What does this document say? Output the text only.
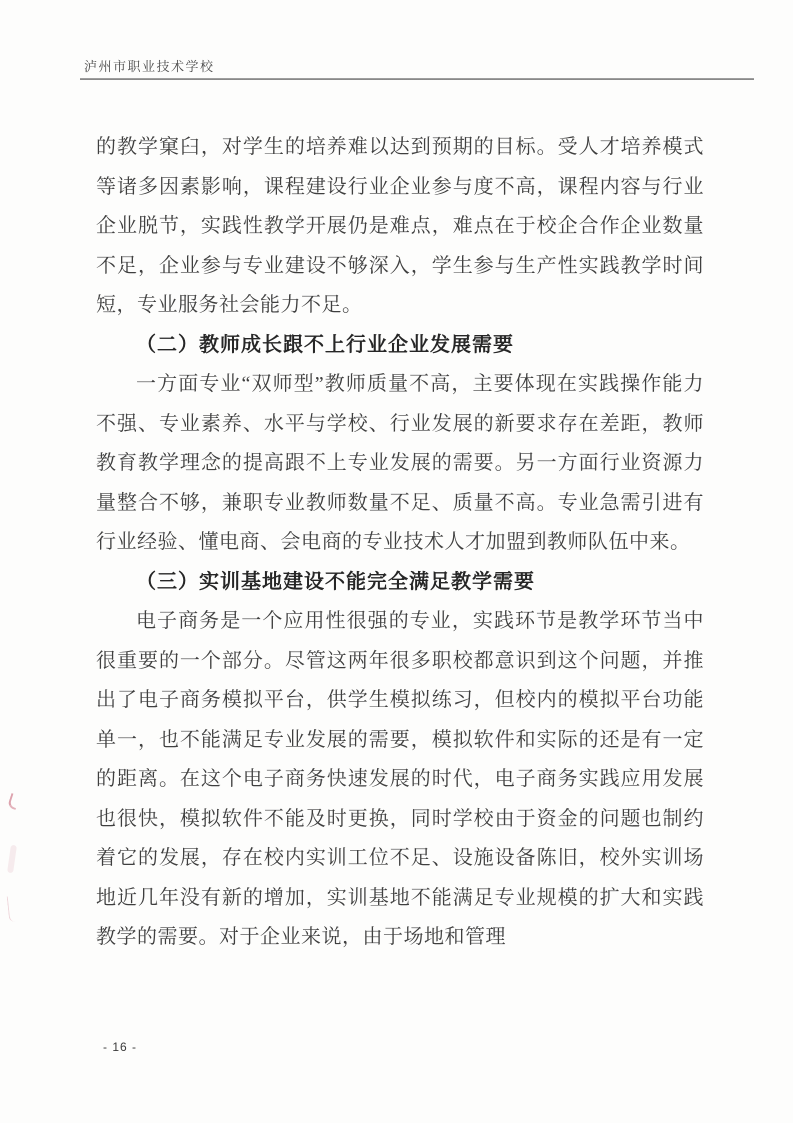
泸州市职业技术学校

的教学窠臼，对学生的培养难以达到预期的目标。受人才培养模式等诸多因素影响，课程建设行业企业参与度不高，课程内容与行业企业脱节，实践性教学开展仍是难点，难点在于校企合作企业数量不足，企业参与专业建设不够深入，学生参与生产性实践教学时间短，专业服务社会能力不足。

（二）教师成长跟不上行业企业发展需要

一方面专业“双师型”教师质量不高，主要体现在实践操作能力不强、专业素养、水平与学校、行业发展的新要求存在差距，教师教育教学理念的提高跟不上专业发展的需要。另一方面行业资源力量整合不够，兼职专业教师数量不足、质量不高。专业急需引进有行业经验、懂电商、会电商的专业技术人才加盟到教师队伍中来。

（三）实训基地建设不能完全满足教学需要

电子商务是一个应用性很强的专业，实践环节是教学环节当中很重要的一个部分。尽管这两年很多职校都意识到这个问题，并推出了电子商务模拟平台，供学生模拟练习，但校内的模拟平台功能单一，也不能满足专业发展的需要，模拟软件和实际的还是有一定的距离。在这个电子商务快速发展的时代，电子商务实践应用发展也很快，模拟软件不能及时更换，同时学校由于资金的问题也制约着它的发展，存在校内实训工位不足、设施设备陈旧，校外实训场地近几年没有新的增加，实训基地不能满足专业规模的扩大和实践教学的需要。对于企业来说，由于场地和管理

- 16 -
